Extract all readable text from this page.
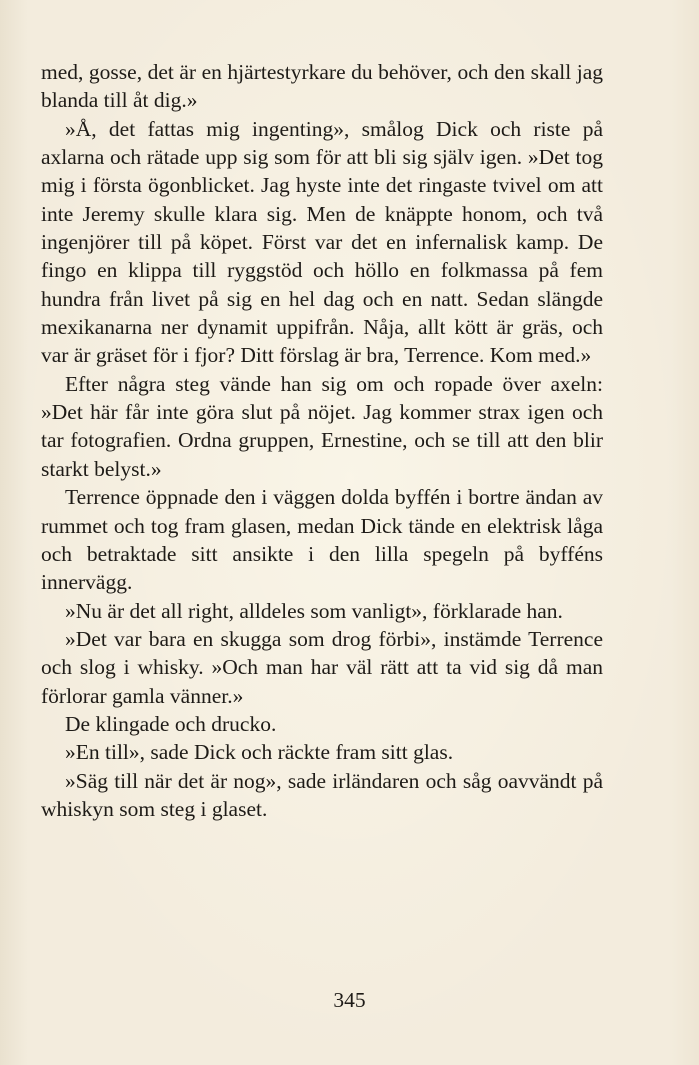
med, gosse, det är en hjärtestyrkare du behöver, och den skall jag blanda till åt dig.»

»Å, det fattas mig ingenting», smålog Dick och riste på axlarna och rätade upp sig som för att bli sig själv igen. »Det tog mig i första ögonblicket. Jag hyste inte det ringaste tvivel om att inte Jeremy skulle klara sig. Men de knäppte honom, och två ingenjörer till på köpet. Först var det en infernalisk kamp. De fingo en klippa till ryggstöd och höllo en folkmassa på fem hundra från livet på sig en hel dag och en natt. Sedan slängde mexikanarna ner dynamit uppifrån. Nåja, allt kött är gräs, och var är gräset för i fjor? Ditt förslag är bra, Terrence. Kom med.»

Efter några steg vände han sig om och ropade över axeln: »Det här får inte göra slut på nöjet. Jag kommer strax igen och tar fotografien. Ordna gruppen, Ernestine, och se till att den blir starkt belyst.»

Terrence öppnade den i väggen dolda byffén i bortre ändan av rummet och tog fram glasen, medan Dick tände en elektrisk låga och betraktade sitt ansikte i den lilla spegeln på byfféns innervägg.

»Nu är det all right, alldeles som vanligt», förklarade han.

»Det var bara en skugga som drog förbi», instämde Terrence och slog i whisky. »Och man har väl rätt att ta vid sig då man förlorar gamla vänner.»

De klingade och drucko.

»En till», sade Dick och räckte fram sitt glas.

»Säg till när det är nog», sade irländaren och såg oavvändt på whiskyn som steg i glaset.

345
